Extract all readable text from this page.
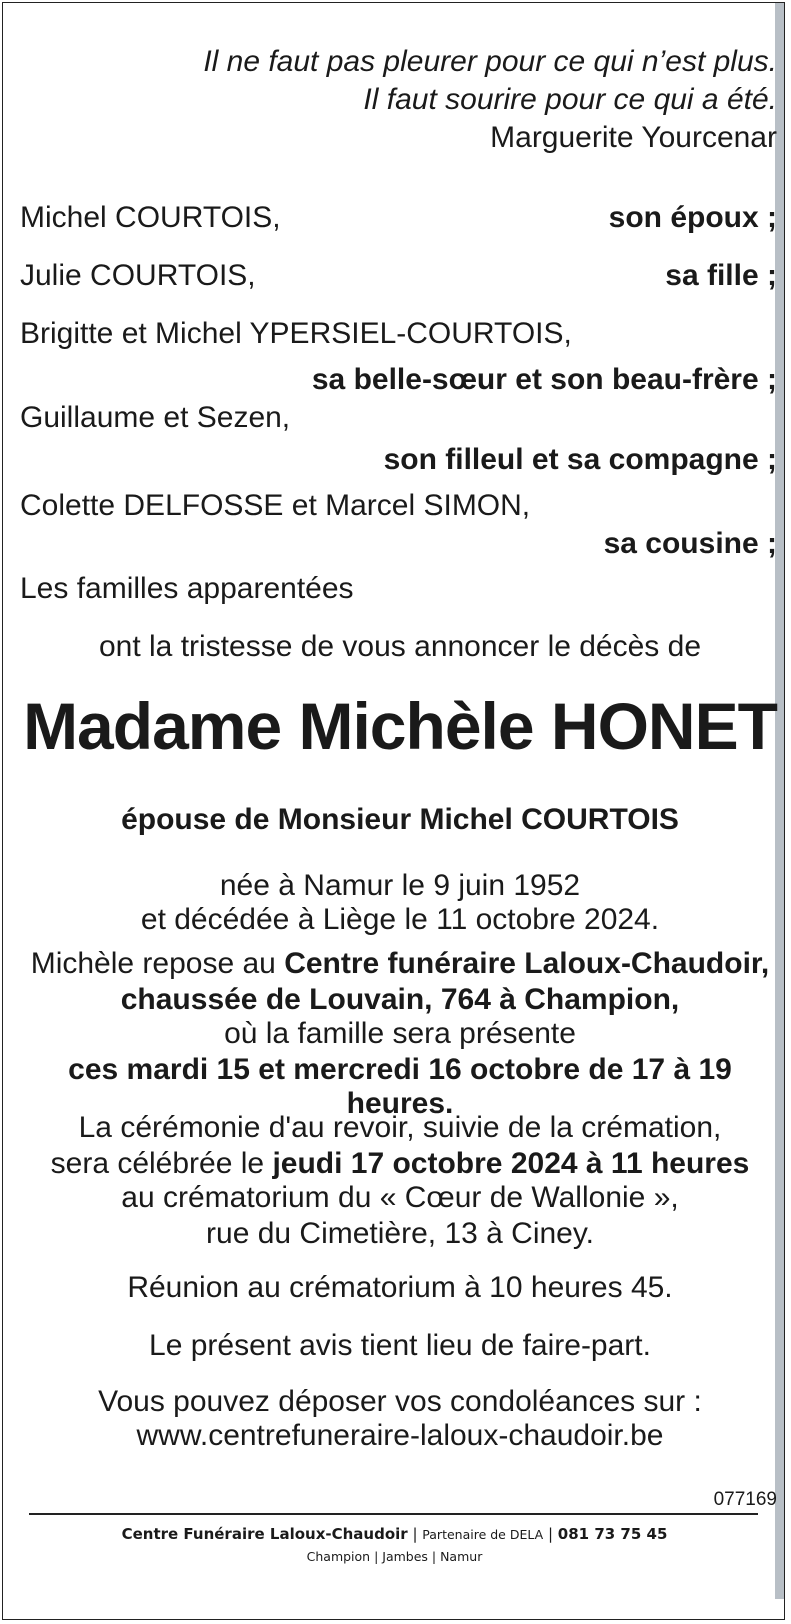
Il ne faut pas pleurer pour ce qui n’est plus.
Il faut sourire pour ce qui a été.
Marguerite Yourcenar
Michel COURTOIS,	son époux ;
Julie COURTOIS,	sa fille ;
Brigitte et Michel YPERSIEL-COURTOIS,
sa belle-sœur et son beau-frère ;
Guillaume et Sezen,
son filleul et sa compagne ;
Colette DELFOSSE et Marcel SIMON,
sa cousine ;
Les familles apparentées
ont la tristesse de vous annoncer le décès de
Madame Michèle HONET
épouse de Monsieur Michel COURTOIS
née à Namur le 9 juin 1952
et décédée à Liège le 11 octobre 2024.
Michèle repose au Centre funéraire Laloux-Chaudoir,
chaussée de Louvain, 764 à Champion,
où la famille sera présente
ces mardi 15 et mercredi 16 octobre de 17 à 19 heures.
La cérémonie d'au revoir, suivie de la crémation,
sera célébrée le jeudi 17 octobre 2024 à 11 heures
au crématorium du « Cœur de Wallonie »,
rue du Cimetière, 13 à Ciney.
Réunion au crématorium à 10 heures 45.
Le présent avis tient lieu de faire-part.
Vous pouvez déposer vos condoléances sur :
www.centrefuneraire-laloux-chaudoir.be
077169
Centre Funéraire Laloux-Chaudoir | Partenaire de DELA | 081 73 75 45
Champion | Jambes | Namur
